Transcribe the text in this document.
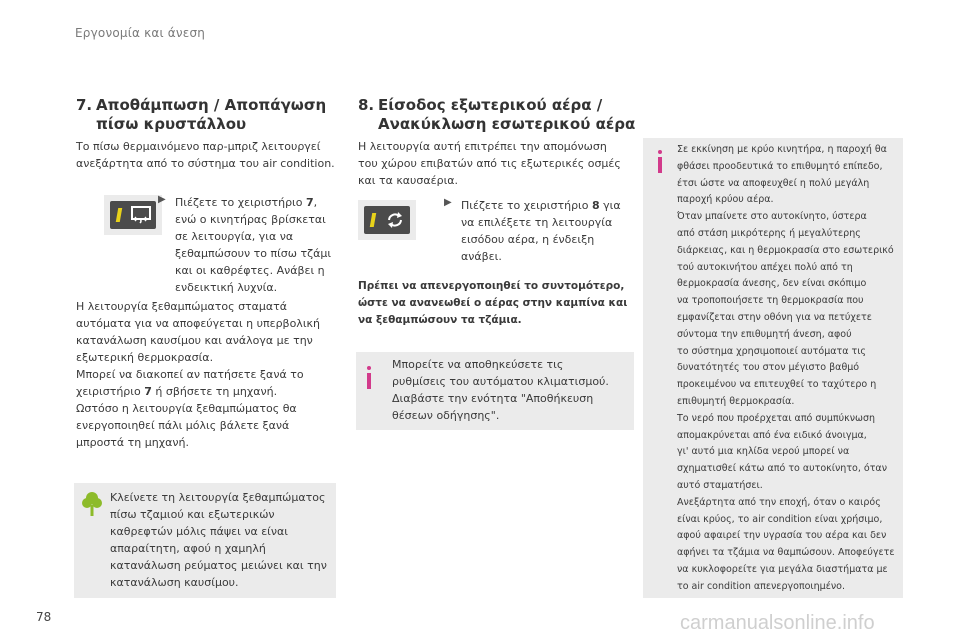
Εργονομία και άνεση
7. Αποθάμπωση / Αποπάγωση
πίσω κρυστάλλου
Το πίσω θερμαινόμενο παρ-μπριζ λειτουργεί
ανεξάρτητα από το σύστημα του air condition.
▶ Πιέζετε το χειριστήριο 7,
ενώ ο κινητήρας βρίσκεται
σε λειτουργία, για να
ξεθαμπώσουν το πίσω τζάμι
και οι καθρέφτες. Ανάβει η
ενδεικτική λυχνία.
Η λειτουργία ξεθαμπώματος σταματά
αυτόματα για να αποφεύγεται η υπερβολική
κατανάλωση καυσίμου και ανάλογα με την
εξωτερική θερμοκρασία.
Μπορεί να διακοπεί αν πατήσετε ξανά το
χειριστήριο 7 ή σβήσετε τη μηχανή.
Ωστόσο η λειτουργία ξεθαμπώματος θα
ενεργοποιηθεί πάλι μόλις βάλετε ξανά
μπροστά τη μηχανή.
Κλείνετε τη λειτουργία ξεθαμπώματος
πίσω τζαμιού και εξωτερικών
καθρεφτών μόλις πάψει να είναι
απαραίτητη, αφού η χαμηλή
κατανάλωση ρεύματος μειώνει και την
κατανάλωση καυσίμου.
8. Είσοδος εξωτερικού αέρα /
Ανακύκλωση εσωτερικού αέρα
Η λειτουργία αυτή επιτρέπει την απομόνωση
του χώρου επιβατών από τις εξωτερικές οσμές
και τα καυσαέρια.
▶ Πιέζετε το χειριστήριο 8 για
να επιλέξετε τη λειτουργία
εισόδου αέρα, η ένδειξη
ανάβει.
Πρέπει να απενεργοποιηθεί το συντομότερο,
ώστε να ανανεωθεί ο αέρας στην καμπίνα και
να ξεθαμπώσουν τα τζάμια.
Μπορείτε να αποθηκεύσετε τις
ρυθμίσεις του αυτόματου κλιματισμού.
Διαβάστε την ενότητα "Αποθήκευση
θέσεων οδήγησης".
Σε εκκίνηση με κρύο κινητήρα, η παροχή θα
φθάσει προοδευτικά το επιθυμητό επίπεδο,
έτσι ώστε να αποφευχθεί η πολύ μεγάλη
παροχή κρύου αέρα.
Όταν μπαίνετε στο αυτοκίνητο, ύστερα
από στάση μικρότερης ή μεγαλύτερης
διάρκειας, και η θερμοκρασία στο εσωτερικό
τού αυτοκινήτου απέχει πολύ από τη
θερμοκρασία άνεσης, δεν είναι σκόπιμο
να τροποποιήσετε τη θερμοκρασία που
εμφανίζεται στην οθόνη για να πετύχετε
σύντομα την επιθυμητή άνεση, αφού
το σύστημα χρησιμοποιεί αυτόματα τις
δυνατότητές του στον μέγιστο βαθμό
προκειμένου να επιτευχθεί το ταχύτερο η
επιθυμητή θερμοκρασία.
Το νερό που προέρχεται από συμπύκνωση
απομακρύνεται από ένα ειδικό άνοιγμα,
γι' αυτό μια κηλίδα νερού μπορεί να
σχηματισθεί κάτω από το αυτοκίνητο, όταν
αυτό σταματήσει.
Ανεξάρτητα από την εποχή, όταν ο καιρός
είναι κρύος, το air condition είναι χρήσιμο,
αφού αφαιρεί την υγρασία του αέρα και δεν
αφήνει τα τζάμια να θαμπώσουν. Αποφεύγετε
να κυκλοφορείτε για μεγάλα διαστήματα με
το air condition απενεργοποιημένο.
78	carmanualsonline.info
